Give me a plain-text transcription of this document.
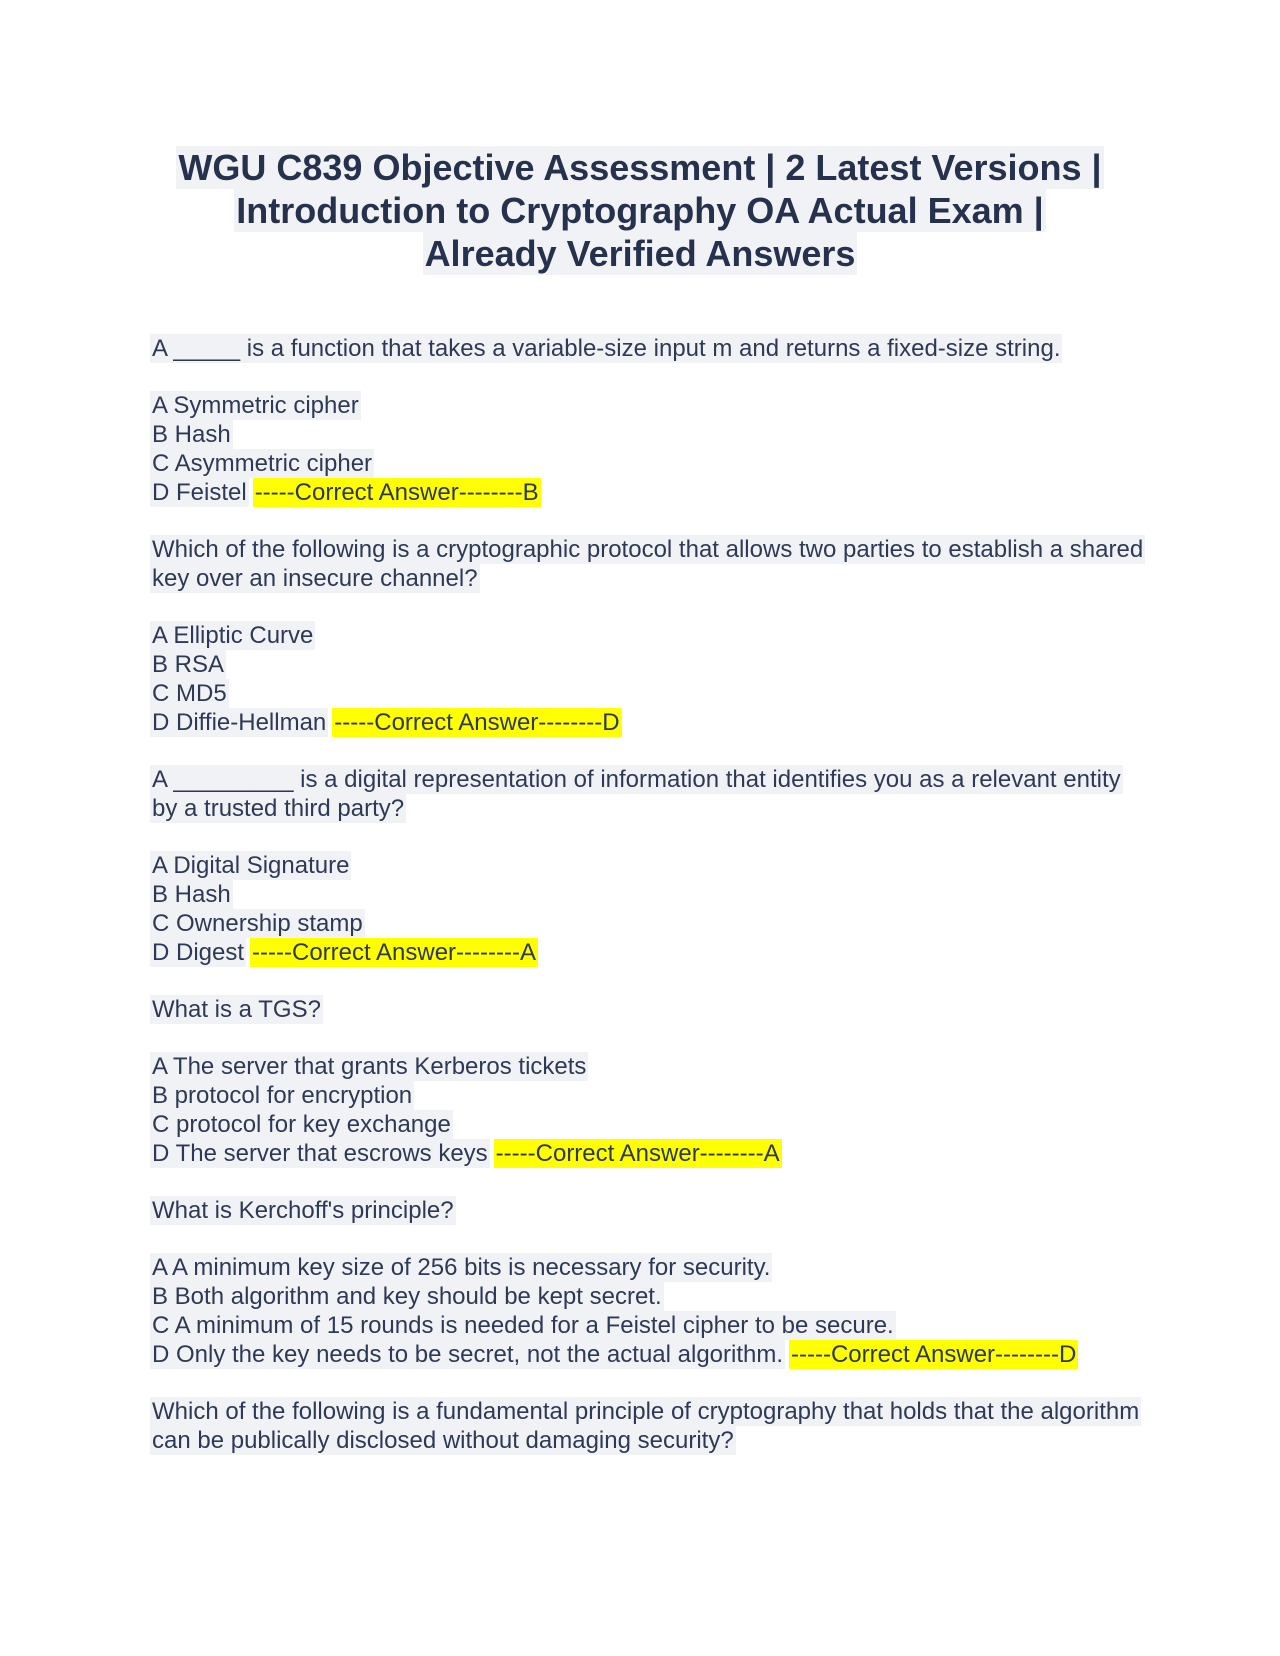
WGU C839 Objective Assessment | 2 Latest Versions |
Introduction to Cryptography OA Actual Exam |
Already Verified Answers
A _____ is a function that takes a variable-size input m and returns a fixed-size string.
A Symmetric cipher
B Hash
C Asymmetric cipher
D Feistel -----Correct Answer--------B
Which of the following is a cryptographic protocol that allows two parties to establish a shared key over an insecure channel?
A Elliptic Curve
B RSA
C MD5
D Diffie-Hellman -----Correct Answer--------D
A _________ is a digital representation of information that identifies you as a relevant entity by a trusted third party?
A Digital Signature
B Hash
C Ownership stamp
D Digest -----Correct Answer--------A
What is a TGS?
A The server that grants Kerberos tickets
B protocol for encryption
C protocol for key exchange
D The server that escrows keys -----Correct Answer--------A
What is Kerchoff's principle?
A A minimum key size of 256 bits is necessary for security.
B Both algorithm and key should be kept secret.
C A minimum of 15 rounds is needed for a Feistel cipher to be secure.
D Only the key needs to be secret, not the actual algorithm. -----Correct Answer--------D
Which of the following is a fundamental principle of cryptography that holds that the algorithm can be publically disclosed without damaging security?
